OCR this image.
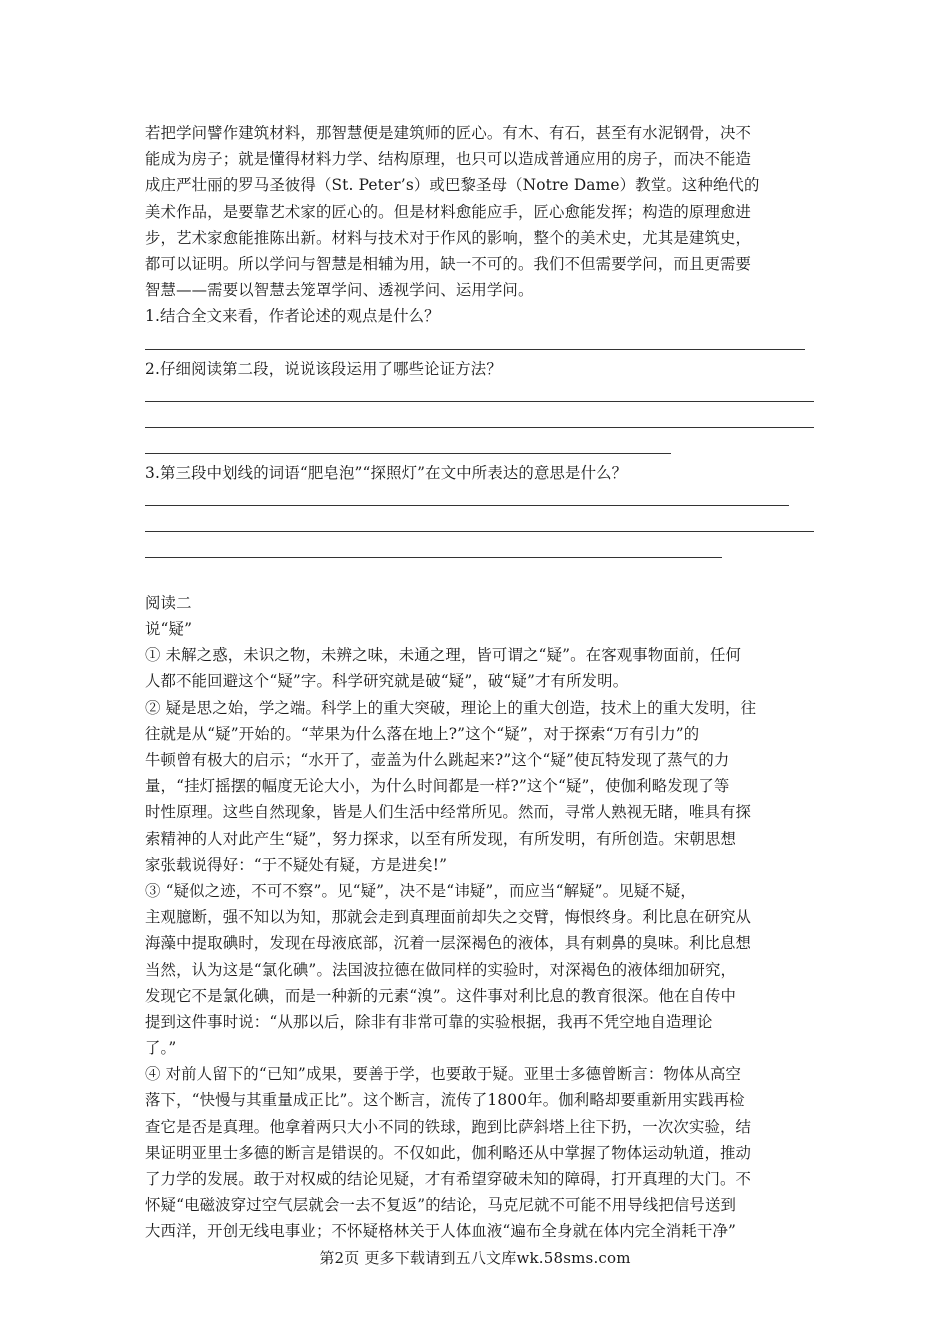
若把学问譬作建筑材料，那智慧便是建筑师的匠心。有木、有石，甚至有水泥钢骨，决不
能成为房子；就是懂得材料力学、结构原理，也只可以造成普通应用的房子，而决不能造
成庄严壮丽的罗马圣彼得（St. Peter’s）或巴黎圣母（Notre Dame）教堂。这种绝代的
美术作品，是要靠艺术家的匠心的。但是材料愈能应手，匠心愈能发挥；构造的原理愈进
步，艺术家愈能推陈出新。材料与技术对于作风的影响，整个的美术史，尤其是建筑史，
都可以证明。所以学问与智慧是相辅为用，缺一不可的。我们不但需要学问，而且更需要
智慧——需要以智慧去笼罩学问、透视学问、运用学问。
1.结合全文来看，作者论述的观点是什么？
2.仔细阅读第二段，说说该段运用了哪些论证方法？
3.第三段中划线的词语“肥皂泡”“探照灯”在文中所表达的意思是什么？
阅读二
说“疑”
① 未解之惑，未识之物，未辨之味，未通之理，皆可谓之“疑”。在客观事物面前，任何
人都不能回避这个“疑”字。科学研究就是破“疑”，破“疑”才有所发明。
② 疑是思之始，学之端。科学上的重大突破，理论上的重大创造，技术上的重大发明，往
往就是从“疑”开始的。“苹果为什么落在地上?”这个“疑”，对于探索“万有引力”的
牛顿曾有极大的启示；“水开了，壶盖为什么跳起来?”这个“疑”使瓦特发现了蒸气的力
量，“挂灯摇摆的幅度无论大小，为什么时间都是一样?”这个“疑”，使伽利略发现了等
时性原理。这些自然现象，皆是人们生活中经常所见。然而，寻常人熟视无睹，唯具有探
索精神的人对此产生“疑”，努力探求，以至有所发现，有所发明，有所创造。宋朝思想
家张载说得好：“于不疑处有疑，方是进矣!”
③ “疑似之迹，不可不察”。见“疑”，决不是“讳疑”，而应当“解疑”。见疑不疑，
主观臆断，强不知以为知，那就会走到真理面前却失之交臂，悔恨终身。利比息在研究从
海藻中提取碘时，发现在母液底部，沉着一层深褐色的液体，具有刺鼻的臭味。利比息想
当然，认为这是“氯化碘”。法国波拉德在做同样的实验时，对深褐色的液体细加研究，
发现它不是氯化碘，而是一种新的元素“溴”。这件事对利比息的教育很深。他在自传中
提到这件事时说：“从那以后，除非有非常可靠的实验根据，我再不凭空地自造理论
了。”
④ 对前人留下的“已知”成果，要善于学，也要敢于疑。亚里士多德曾断言：物体从高空
落下，“快慢与其重量成正比”。这个断言，流传了1800年。伽利略却要重新用实践再检
查它是否是真理。他拿着两只大小不同的铁球，跑到比萨斜塔上往下扔，一次次实验，结
果证明亚里士多德的断言是错误的。不仅如此，伽利略还从中掌握了物体运动轨道，推动
了力学的发展。敢于对权威的结论见疑，才有希望穿破未知的障碍，打开真理的大门。不
怀疑“电磁波穿过空气层就会一去不复返”的结论，马克尼就不可能不用导线把信号送到
大西洋，开创无线电事业；不怀疑格林关于人体血液“遍布全身就在体内完全消耗干净”
第2页 更多下载请到五八文库wk.58sms.com
